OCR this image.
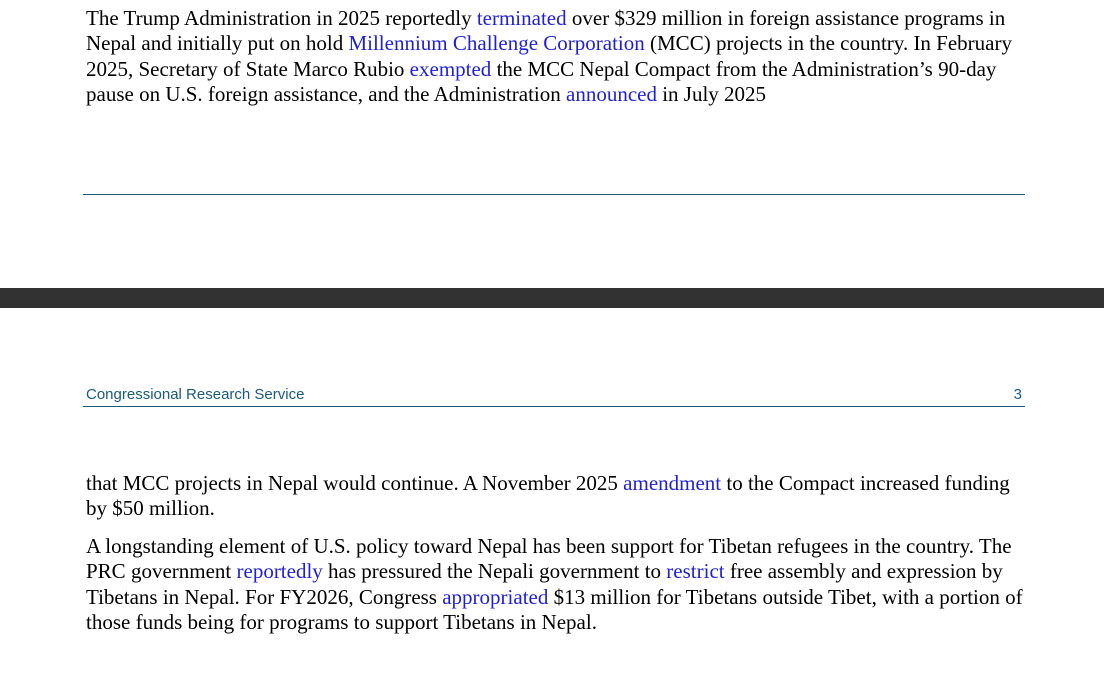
The Trump Administration in 2025 reportedly terminated over $329 million in foreign assistance programs in Nepal and initially put on hold Millennium Challenge Corporation (MCC) projects in the country. In February 2025, Secretary of State Marco Rubio exempted the MCC Nepal Compact from the Administration’s 90-day pause on U.S. foreign assistance, and the Administration announced in July 2025

Congressional Research Service	3

that MCC projects in Nepal would continue. A November 2025 amendment to the Compact increased funding by $50 million.

A longstanding element of U.S. policy toward Nepal has been support for Tibetan refugees in the country. The PRC government reportedly has pressured the Nepali government to restrict free assembly and expression by Tibetans in Nepal. For FY2026, Congress appropriated $13 million for Tibetans outside Tibet, with a portion of those funds being for programs to support Tibetans in Nepal.
